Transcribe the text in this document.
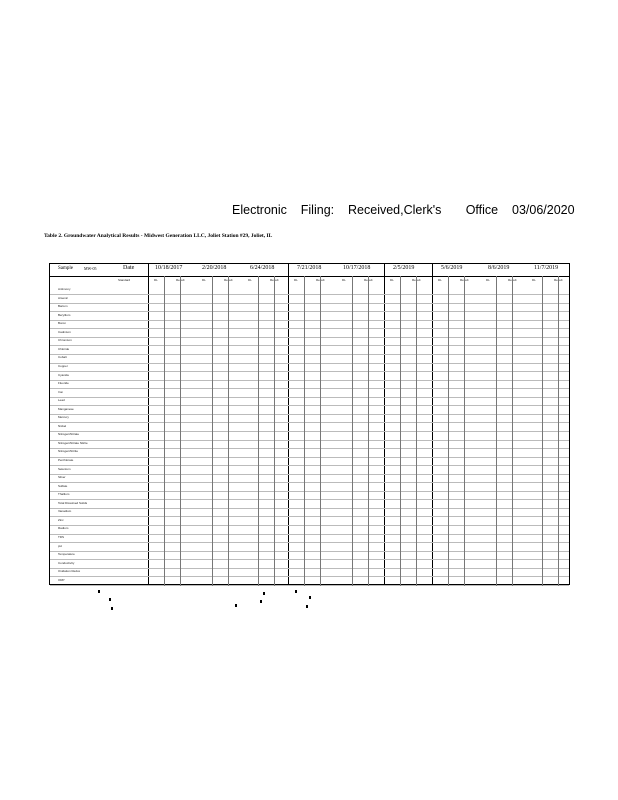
Electronic    Filing:    Received,Clerk's       Office    03/06/2020
Table 2. Groundwater Analytical Results - Midwest Generation LLC, Joliet Station #29, Joliet, IL
Sample	MW-05	Date	10/18/2017	2/20/2018	6/24/2018	7/21/2018	10/17/2018	2/5/2019	5/6/2019	8/6/2019	11/7/2019
Standard	DL	Result	DL	Result	DL	Result	DL	Result	DL	Result	DL	Result	DL	Result	DL	Result	DL	Result
Antimony
Arsenic
Barium
Beryllium
Boron
Cadmium
Chromium
Chloride
Cobalt
Copper
Cyanide
Fluoride
Iron
Lead
Manganese
Mercury
Nickel
Nitrogen/Nitrate
Nitrogen/Nitrate Nitrite
Nitrogen/Nitrite
Perchlorate
Selenium
Silver
Sulfate
Thallium
Total Dissolved Solids
Vanadium
Zinc
Radium
TDS
pH
Temperature
Conductivity
Oxidation Redox
ORP
